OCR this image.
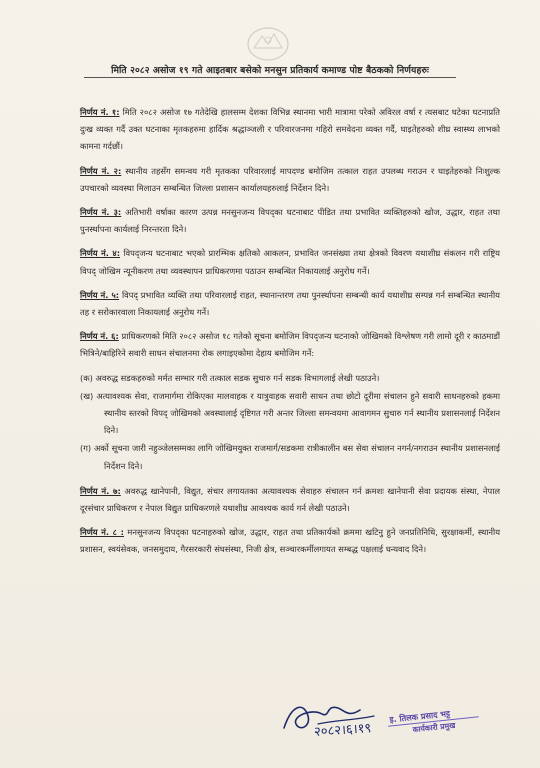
मिति २०८२ असोज १९ गते आइतबार बसेको मनसुन प्रतिकार्य कमाण्ड पोष्ट बैठकको निर्णयहरुः

निर्णय नं. १: मिति २०८२ असोज १७ गतेदेखि हालसम्म देशका विभिन्न स्थानमा भारी मात्रामा परेको अविरल वर्षा र त्यसबाट घटेका घटनाप्रति दुःख व्यक्त गर्दै उक्त घटनाका मृतकहरुमा हार्दिक श्रद्धाञ्जली र परिवारजनमा गहिरो समवेदना व्यक्त गर्दै, घाइतेहरुको शीघ्र स्वास्थ्य लाभको कामना गर्दछौं।

निर्णय नं. २: स्थानीय तहसँग समन्वय गरी मृतकका परिवारलाई मापदण्ड बमोजिम तत्काल राहत उपलब्ध गराउन र घाइतेहरुको निःशुल्क उपचारको व्यवस्था मिलाउन सम्बन्धित जिल्ला प्रशासन कार्यालयहरुलाई निर्देशन दिने।

निर्णय नं. ३: अतिभारी वर्षाका कारण उत्पन्न मनसुनजन्य विपद्का घटनाबाट पीडित तथा प्रभावित व्यक्तिहरुको खोज, उद्धार, राहत तथा पुनर्स्थापना कार्यलाई निरन्तरता दिने।

निर्णय नं. ४: विपद्जन्य घटनाबाट भएको प्रारम्भिक क्षतिको आकलन, प्रभावित जनसंख्या तथा क्षेत्रको विवरण यथाशीघ्र संकलन गरी राष्ट्रिय विपद् जोखिम न्यूनीकरण तथा व्यवस्थापन प्राधिकरणमा पठाउन सम्बन्धित निकायलाई अनुरोध गर्ने।

निर्णय नं. ५: विपद् प्रभावित व्यक्ति तथा परिवारलाई राहत, स्थानान्तरण तथा पुनर्स्थापना सम्बन्धी कार्य यथाशीघ्र सम्पन्न गर्न सम्बन्धित स्थानीय तह र सरोकारवाला निकायलाई अनुरोध गर्ने।

निर्णय नं. ६: प्राधिकरणको मिति २०८२ असोज १८ गतेको सूचना बमोजिम विपद्जन्य घटनाको जोखिमको विश्लेषण गरी लामो दूरी र काठमाडौं भित्रिने/बाहिरिने सवारी साधन संचालनमा रोक लगाइएकोमा देहाय बमोजिम गर्ने:

(क) अवरुद्ध सडकहरुको मर्मत सम्भार गरी तत्काल सडक सुचारु गर्न सडक विभागलाई लेखी पठाउने।

(ख) अत्यावश्यक सेवा, राजमार्गमा रोकिएका मालवाहक र यात्रुवाहक सवारी साधन तथा छोटो दूरीमा संचालन हुने सवारी साधनहरुको हकमा स्थानीय स्तरको विपद् जोखिमको अवस्थालाई दृष्टिगत गरी अन्तर जिल्ला समन्वयमा आवागमन सुचारु गर्न स्थानीय प्रशासनलाई निर्देशन दिने।

(ग) अर्को सूचना जारी नहुञ्जेलसम्मका लागि जोखिमयुक्त राजमार्ग/सडकमा रात्रीकालीन बस सेवा संचालन नगर्न/नगराउन स्थानीय प्रशासनलाई निर्देशन दिने।

निर्णय नं. ७: अवरुद्ध खानेपानी, विद्युत, संचार लगायतका अत्यावश्यक सेवाहरु संचालन गर्न क्रमशः खानेपानी सेवा प्रदायक संस्था, नेपाल दूरसंचार प्राधिकरण र नेपाल विद्युत प्राधिकरणले यथाशीघ्र आवश्यक कार्य गर्न लेखी पठाउने।

निर्णय नं. ८ : मनसुनजन्य विपद्का घटनाहरुको खोज, उद्धार, राहत तथा प्रतिकार्यको क्रममा खटिनु हुने जनप्रतिनिधि, सुरक्षाकर्मी, स्थानीय प्रशासन, स्वयंसेवक, जनसमुदाय, गैरसरकारी संघसंस्था, निजी क्षेत्र, सञ्चारकर्मीलगायत सम्बद्ध पक्षलाई धन्यवाद दिने।

२०८२।६।१९
इ. तिलक प्रसाद भट्ट
कार्यकारी प्रमुख
